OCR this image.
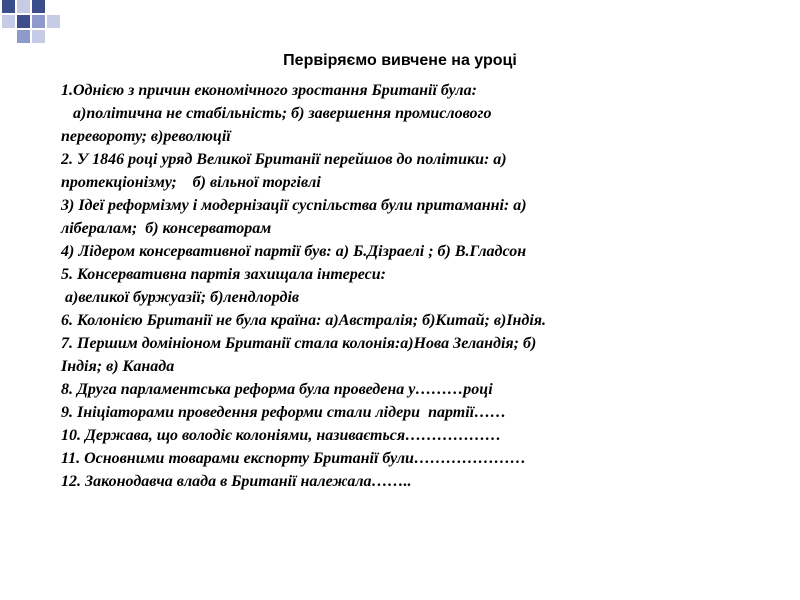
Первіряємо вивчене на уроці
1.Однією з причин економічного зростання Британії була:
а)політична не стабільність; б) завершення промислового
перевороту; в)революції
2. У 1846 році уряд Великої Британії перейшов до політики: а)
протекціонізму;    б) вільної торгівлі
3) Ідеї реформізму і модернізації суспільства були притаманні: а)
лібералам;  б) консерваторам
4) Лідером консервативної партії був: а) Б.Дізраелі ; б) В.Гладсон
5. Консервативна партія захищала інтереси:
а)великої буржуазії; б)лендлордів
6. Колонією Британії не була країна: а)Австралія; б)Китай; в)Індія.
7. Першим домініоном Британії стала колонія:а)Нова Зеландія; б)
Індія; в) Канада
8. Друга парламентська реформа була проведена у………році
9. Ініціаторами проведення реформи стали лідери  партії……
10. Держава, що володіє колоніями, називається………………
11. Основними товарами експорту Британії були…………………
12. Законодавча влада в Британії належала……..
